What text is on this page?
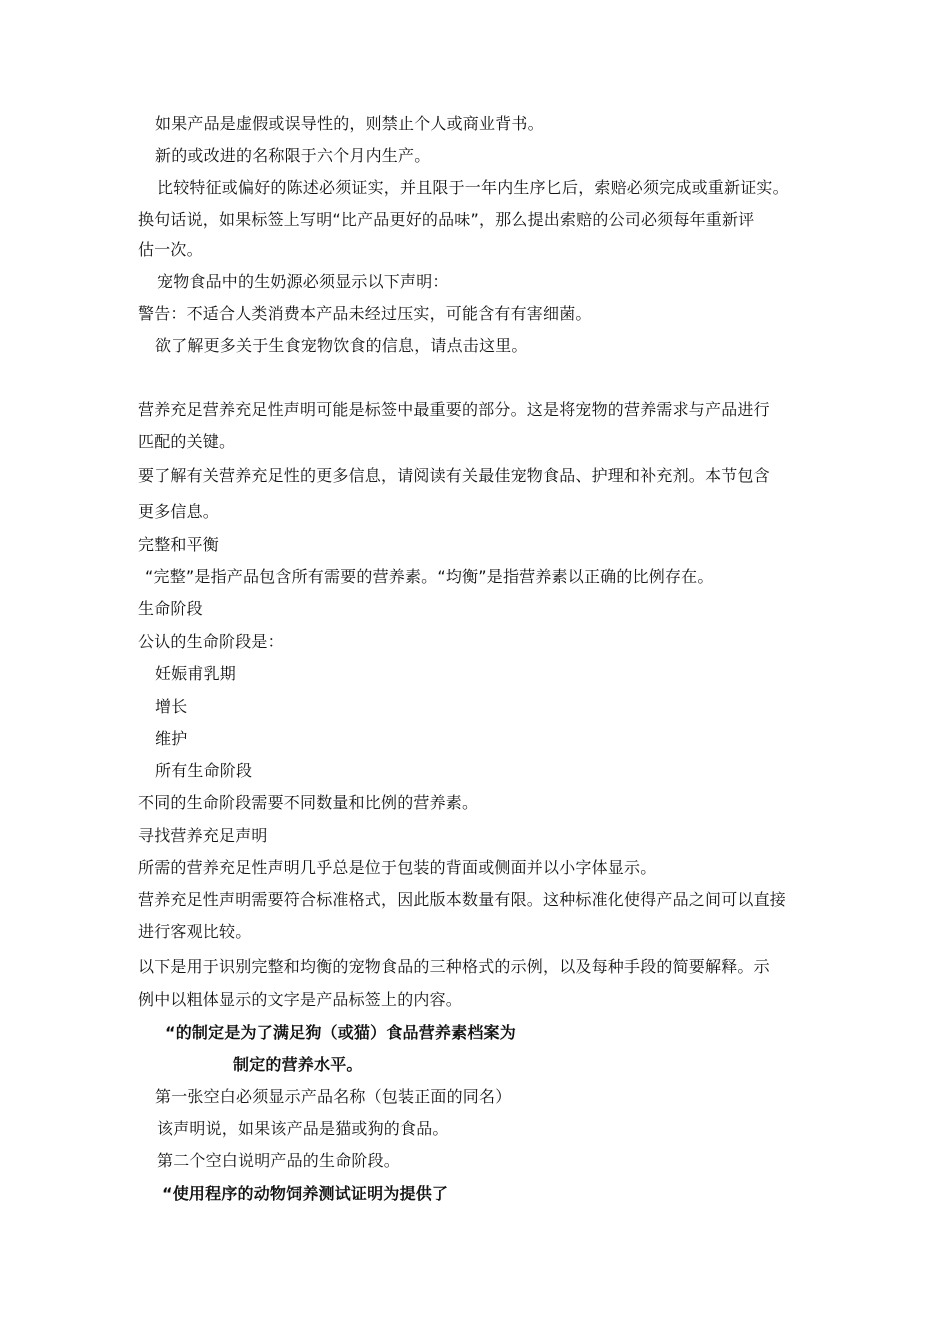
如果产品是虚假或误导性的，则禁止个人或商业背书。
新的或改进的名称限于六个月内生产。
比较特征或偏好的陈述必须证实，并且限于一年内生序匕后，索赔必须完成或重新证实。
换句话说，如果标签上写明“比产品更好的品味”，那么提出索赔的公司必须每年重新评
估一次。
宠物食品中的生奶源必须显示以下声明：
警告：不适合人类消费本产品未经过压实，可能含有有害细菌。
欲了解更多关于生食宠物饮食的信息，请点击这里。
营养充足营养充足性声明可能是标签中最重要的部分。这是将宠物的营养需求与产品进行
匹配的关键。
要了解有关营养充足性的更多信息，请阅读有关最佳宠物食品、护理和补充剂。本节包含
更多信息。
完整和平衡
“完整”是指产品包含所有需要的营养素。“均衡”是指营养素以正确的比例存在。
生命阶段
公认的生命阶段是：
妊娠甫乳期
增长
维护
所有生命阶段
不同的生命阶段需要不同数量和比例的营养素。
寻找营养充足声明
所需的营养充足性声明几乎总是位于包装的背面或侧面并以小字体显示。
营养充足性声明需要符合标准格式，因此版本数量有限。这种标准化使得产品之间可以直接
进行客观比较。
以下是用于识别完整和均衡的宠物食品的三种格式的示例，以及每种手段的简要解释。示
例中以粗体显示的文字是产品标签上的内容。
“的制定是为了满足狗（或猫）食品营养素档案为
制定的营养水平。
第一张空白必须显示产品名称（包装正面的同名）
该声明说，如果该产品是猫或狗的食品。
第二个空白说明产品的生命阶段。
“使用程序的动物饲养测试证明为提供了
